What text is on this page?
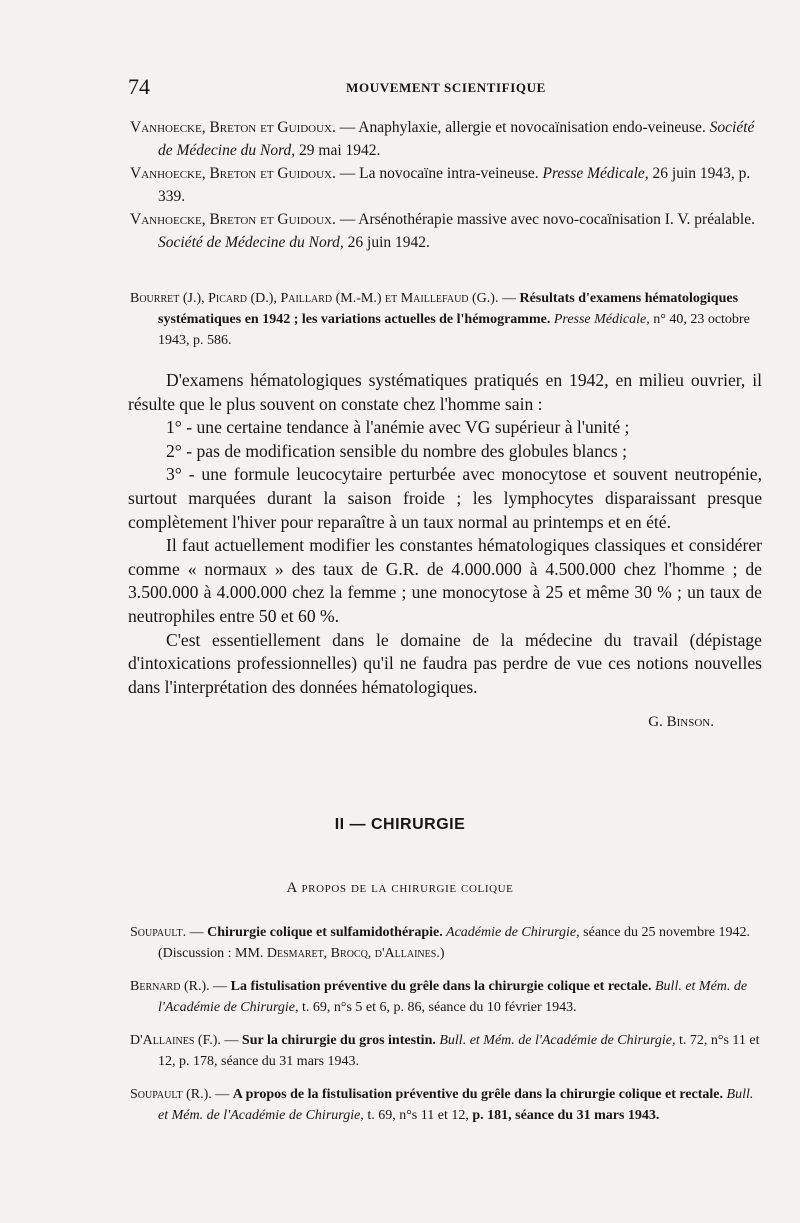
74	MOUVEMENT SCIENTIFIQUE

Vanhoecke, Breton et Guidoux. — Anaphylaxie, allergie et novocaïnisation endo-veineuse. Société de Médecine du Nord, 29 mai 1942.

Vanhoecke, Breton et Guidoux. — La novocaïne intra-veineuse. Presse Médicale, 26 juin 1943, p. 339.

Vanhoecke, Breton et Guidoux. — Arsénothérapie massive avec novo-cocaïnisation I. V. préalable. Société de Médecine du Nord, 26 juin 1942.

Bourret (J.), Picard (D.), Paillard (M.-M.) et Maillefaud (G.). — Résultats d'examens hématologiques systématiques en 1942 ; les variations actuelles de l'hémogramme. Presse Médicale, n° 40, 23 octobre 1943, p. 586.

D'examens hématologiques systématiques pratiqués en 1942, en milieu ouvrier, il résulte que le plus souvent on constate chez l'homme sain :

1° - une certaine tendance à l'anémie avec VG supérieur à l'unité ;

2° - pas de modification sensible du nombre des globules blancs ;

3° - une formule leucocytaire perturbée avec monocytose et souvent neutropénie, surtout marquées durant la saison froide ; les lymphocytes disparaissant presque complètement l'hiver pour reparaître à un taux normal au printemps et en été.

Il faut actuellement modifier les constantes hématologiques classiques et considérer comme « normaux » des taux de G.R. de 4.000.000 à 4.500.000 chez l'homme ; de 3.500.000 à 4.000.000 chez la femme ; une monocytose à 25 et même 30 % ; un taux de neutrophiles entre 50 et 60 %.

C'est essentiellement dans le domaine de la médecine du travail (dépistage d'intoxications professionnelles) qu'il ne faudra pas perdre de vue ces notions nouvelles dans l'interprétation des données hématologiques.

G. Binson.

II — CHIRURGIE
A propos de la chirurgie colique

Soupault. — Chirurgie colique et sulfamidothérapie. Académie de Chirurgie, séance du 25 novembre 1942. (Discussion : MM. Desmaret, Brocq, d'Allaines.)

Bernard (R.). — La fistulisation préventive du grêle dans la chirurgie colique et rectale. Bull. et Mém. de l'Académie de Chirurgie, t. 69, n°s 5 et 6, p. 86, séance du 10 février 1943.

D'Allaines (F.). — Sur la chirurgie du gros intestin. Bull. et Mém. de l'Académie de Chirurgie, t. 72, n°s 11 et 12, p. 178, séance du 31 mars 1943.

Soupault (R.). — A propos de la fistulisation préventive du grêle dans la chirurgie colique et rectale. Bull. et Mém. de l'Académie de Chirurgie, t. 69, n°s 11 et 12, p. 181, séance du 31 mars 1943.
